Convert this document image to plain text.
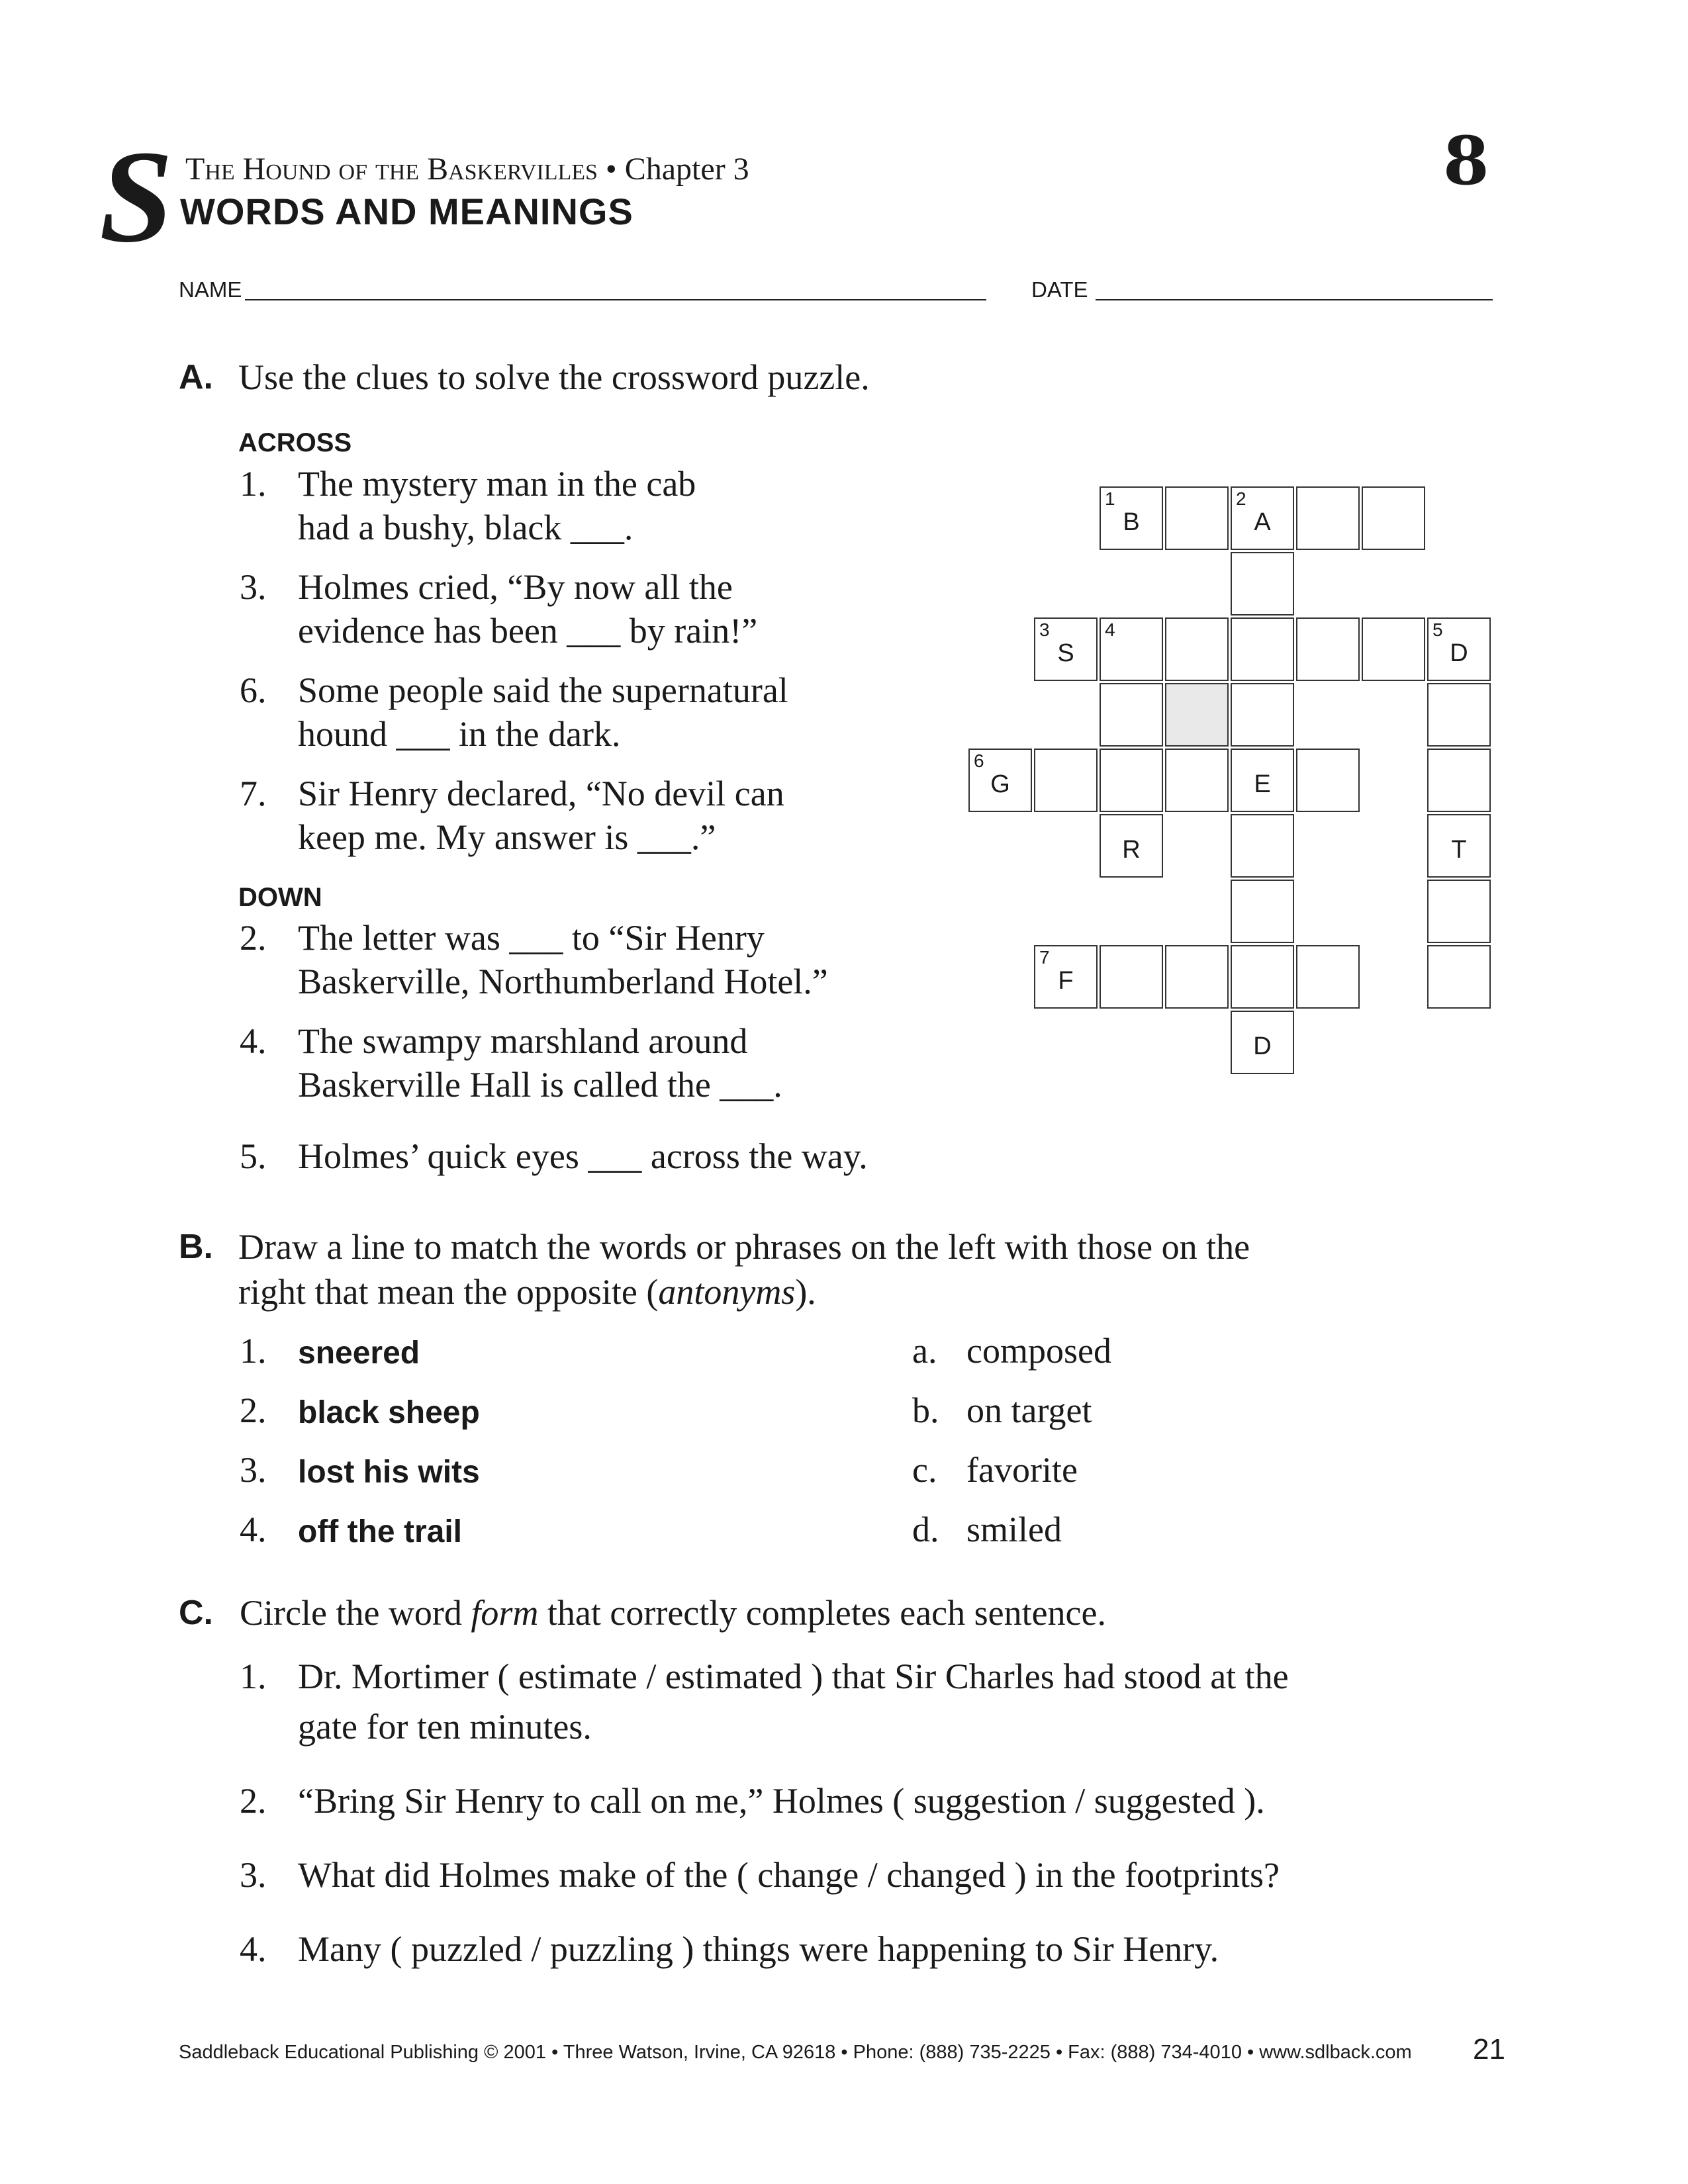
S The Hound of the Baskervilles • Chapter 3
WORDS AND MEANINGS
8
NAME	DATE
A. Use the clues to solve the crossword puzzle.
ACROSS
1. The mystery man in the cab
had a bushy, black ___.
3. Holmes cried, “By now all the
evidence has been ___ by rain!”
6. Some people said the supernatural
hound ___ in the dark.
7. Sir Henry declared, “No devil can
keep me. My answer is ___.”
DOWN
2. The letter was ___ to “Sir Henry
Baskerville, Northumberland Hotel.”
4. The swampy marshland around
Baskerville Hall is called the ___.
5. Holmes’ quick eyes ___ across the way.
1
B
2
A
3
S
4	5
D
6
G	E
R	T
7
F
D
B. Draw a line to match the words or phrases on the left with those on the
right that mean the opposite (antonyms).
1. sneered
2. black sheep
3. lost his wits
4. off the trail
a. composed
b. on target
c. favorite
d. smiled
C. Circle the word form that correctly completes each sentence.
1. Dr. Mortimer ( estimate / estimated ) that Sir Charles had stood at the
gate for ten minutes.
2. “Bring Sir Henry to call on me,” Holmes ( suggestion / suggested ).
3. What did Holmes make of the ( change / changed ) in the footprints?
4. Many ( puzzled / puzzling ) things were happening to Sir Henry.
Saddleback Educational Publishing © 2001 • Three Watson, Irvine, CA 92618 • Phone: (888) 735-2225 • Fax: (888) 734-4010 • www.sdlback.com 21
